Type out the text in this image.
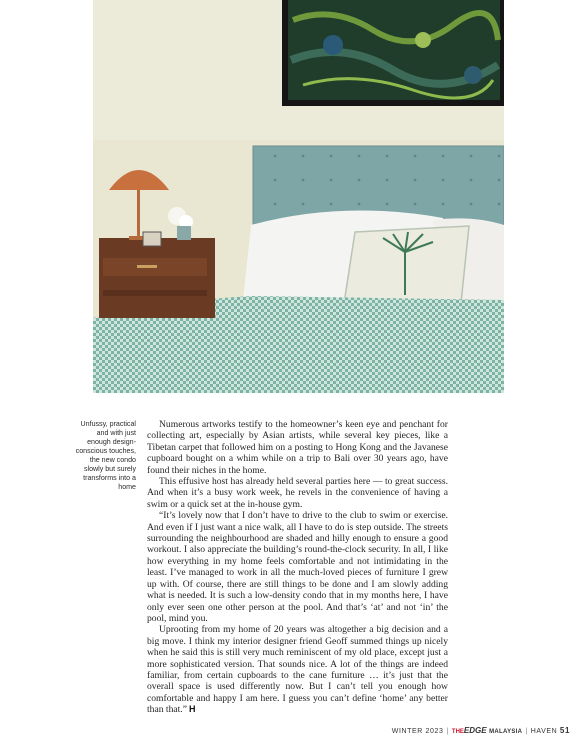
Unfussy, practical and with just enough design-conscious touches, the new condo slowly but surely transforms into a home

Numerous artworks testify to the homeowner’s keen eye and penchant for collecting art, especially by Asian artists, while several key pieces, like a Tibetan carpet that followed him on a posting to Hong Kong and the Javanese cupboard bought on a whim while on a trip to Bali over 30 years ago, have found their niches in the home.

This effusive host has already held several parties here — to great success. And when it’s a busy work week, he revels in the convenience of having a swim or a quick set at the in-house gym.

“It’s lovely now that I don’t have to drive to the club to swim or exercise. And even if I just want a nice walk, all I have to do is step outside. The streets surrounding the neighbourhood are shaded and hilly enough to ensure a good workout. I also appreciate the building’s round-the-clock security. In all, I like how everything in my home feels comfortable and not intimidating in the least. I’ve managed to work in all the much-loved pieces of furniture I grew up with. Of course, there are still things to be done and I am slowly adding what is needed. It is such a low-density condo that in my months here, I have only ever seen one other person at the pool. And that’s ‘at’ and not ‘in’ the pool, mind you.

Uprooting from my home of 20 years was altogether a big decision and a big move. I think my interior designer friend Geoff summed things up nicely when he said this is still very much reminiscent of my old place, except just a more sophisticated version. That sounds nice. A lot of the things are indeed familiar, from certain cupboards to the cane furniture … it’s just that the overall space is used differently now. But I can’t tell you enough how comfortable and happy I am here. I guess you can’t define ‘home’ any better than that.” H

WINTER 2023 | THEEDGE MALAYSIA | HAVEN 51
